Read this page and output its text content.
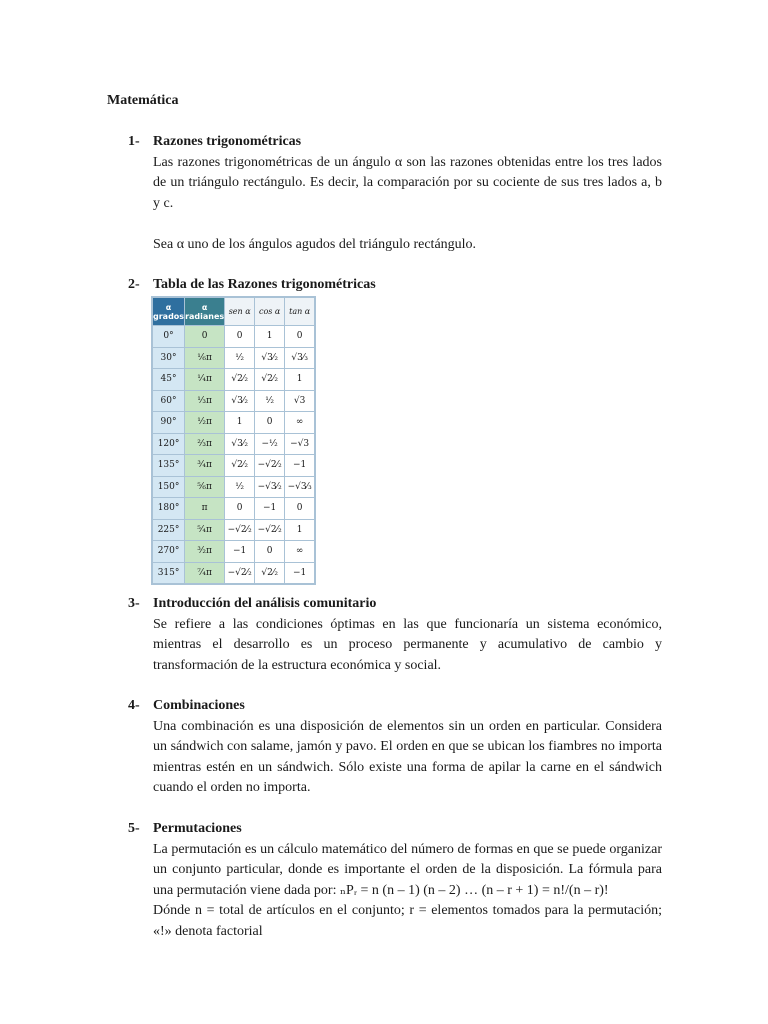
Matemática
1- Razones trigonométricas

Las razones trigonométricas de un ángulo α son las razones obtenidas entre los tres lados de un triángulo rectángulo. Es decir, la comparación por su cociente de sus tres lados a, b y c.

Sea α uno de los ángulos agudos del triángulo rectángulo.

2- Tabla de las Razones trigonométricas
α grados	α radianes	sen α	cos α	tan α
0°	0	0	1	0
30°	¹⁄₆π	¹⁄₂	√3⁄₂	√3⁄₃
45°	¹⁄₄π	√2⁄₂	√2⁄₂	1
60°	¹⁄₃π	√3⁄₂	¹⁄₂	√3
90°	¹⁄₂π	1	0	∞
120°	²⁄₃π	√3⁄₂	−¹⁄₂	−√3
135°	³⁄₄π	√2⁄₂	−√2⁄₂	−1
150°	⁵⁄₆π	¹⁄₂	−√3⁄₂	−√3⁄₃
180°	π	0	−1	0
225°	⁵⁄₄π	−√2⁄₂	−√2⁄₂	1
270°	³⁄₂π	−1	0	∞
315°	⁷⁄₄π	−√2⁄₂	√2⁄₂	−1
3- Introducción del análisis comunitario

Se refiere a las condiciones óptimas en las que funcionaría un sistema económico, mientras el desarrollo es un proceso permanente y acumulativo de cambio y transformación de la estructura económica y social.

4- Combinaciones

Una combinación es una disposición de elementos sin un orden en particular. Considera un sándwich con salame, jamón y pavo. El orden en que se ubican los fiambres no importa mientras estén en un sándwich. Sólo existe una forma de apilar la carne en el sándwich cuando el orden no importa.

5- Permutaciones

La permutación es un cálculo matemático del número de formas en que se puede organizar un conjunto particular, donde es importante el orden de la disposición. La fórmula para una permutación viene dada por: ₙPᵣ = n (n – 1) (n – 2) … (n – r + 1) = n!/(n – r)!

Dónde n = total de artículos en el conjunto; r = elementos tomados para la permutación; «!» denota factorial
